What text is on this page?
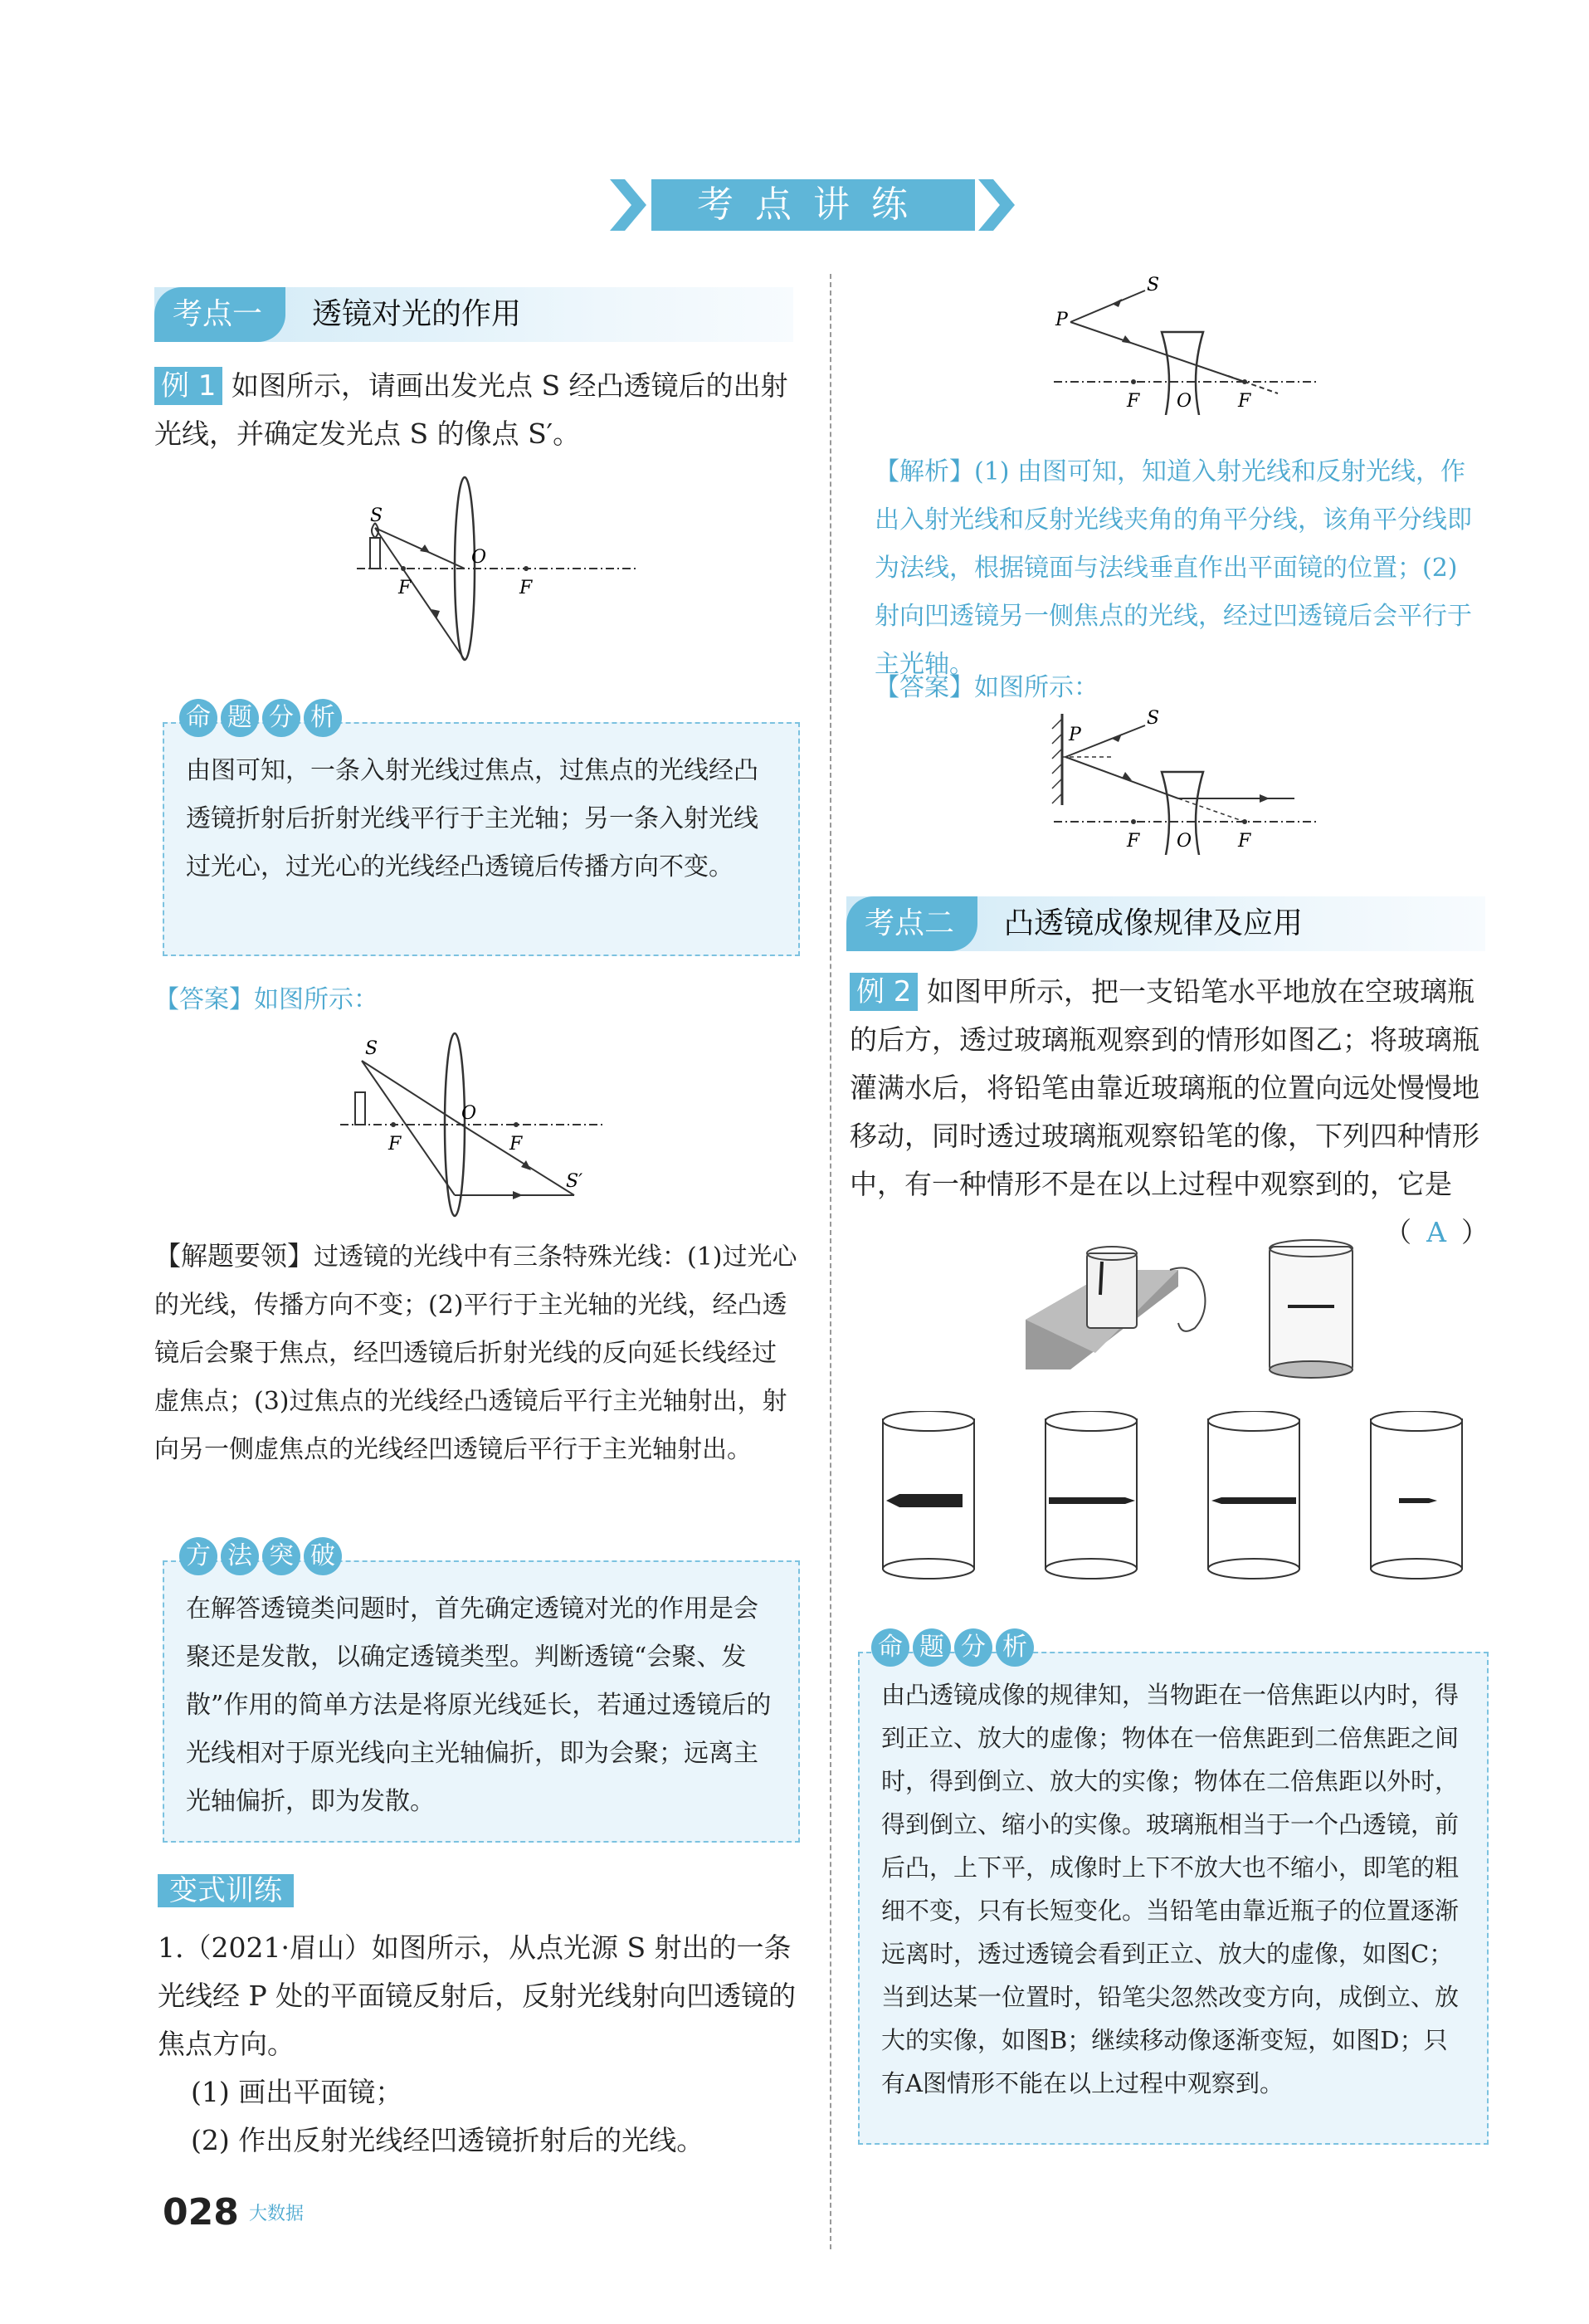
考点讲练
考点一	透镜对光的作用
例 1 如图所示，请画出发光点 S 经凸透镜后的出射光线，并确定发光点 S 的像点 S′。
S
F
O
F
由图可知，一条入射光线过焦点，过焦点的光线经凸透镜折射后折射光线平行于主光轴；另一条入射光线过光心，过光心的光线经凸透镜后传播方向不变。
命 题 分 析
【答案】如图所示：
S
F
O
F
S′
【解题要领】过透镜的光线中有三条特殊光线：(1)过光心的光线，传播方向不变；(2)平行于主光轴的光线，经凸透镜后会聚于焦点，经凹透镜后折射光线的反向延长线经过虚焦点；(3)过焦点的光线经凸透镜后平行主光轴射出，射向另一侧虚焦点的光线经凹透镜后平行于主光轴射出。
在解答透镜类问题时，首先确定透镜对光的作用是会聚还是发散，以确定透镜类型。判断透镜“会聚、发散”作用的简单方法是将原光线延长，若通过透镜后的光线相对于原光线向主光轴偏折，即为会聚；远离主光轴偏折，即为发散。
方 法 突 破
变式训练
1.（2021·眉山）如图所示，从点光源 S 射出的一条光线经 P 处的平面镜反射后，反射光线射向凹透镜的焦点方向。
(1) 画出平面镜；
(2) 作出反射光线经凹透镜折射后的光线。
028 大数据
S
P
F O	F
【解析】(1) 由图可知，知道入射光线和反射光线，作出入射光线和反射光线夹角的角平分线，该角平分线即为法线，根据镜面与法线垂直作出平面镜的位置；(2) 射向凹透镜另一侧焦点的光线，经过凹透镜后会平行于主光轴。
【答案】如图所示：
S
P
F O	F
考点二	凸透镜成像规律及应用
例 2 如图甲所示，把一支铅笔水平地放在空玻璃瓶的后方，透过玻璃瓶观察到的情形如图乙；将玻璃瓶灌满水后，将铅笔由靠近玻璃瓶的位置向远处慢慢地移动，同时透过玻璃瓶观察铅笔的像，下列四种情形中，有一种情形不是在以上过程中观察到的，它是
（ A ）
由凸透镜成像的规律知，当物距在一倍焦距以内时，得到正立、放大的虚像；物体在一倍焦距到二倍焦距之间时，得到倒立、放大的实像；物体在二倍焦距以外时，得到倒立、缩小的实像。玻璃瓶相当于一个凸透镜，前后凸，上下平，成像时上下不放大也不缩小，即笔的粗细不变，只有长短变化。当铅笔由靠近瓶子的位置逐渐远离时，透过透镜会看到正立、放大的虚像，如图C；当到达某一位置时，铅笔尖忽然改变方向，成倒立、放大的实像，如图B；继续移动像逐渐变短，如图D；只有A图情形不能在以上过程中观察到。
命 题 分 析
